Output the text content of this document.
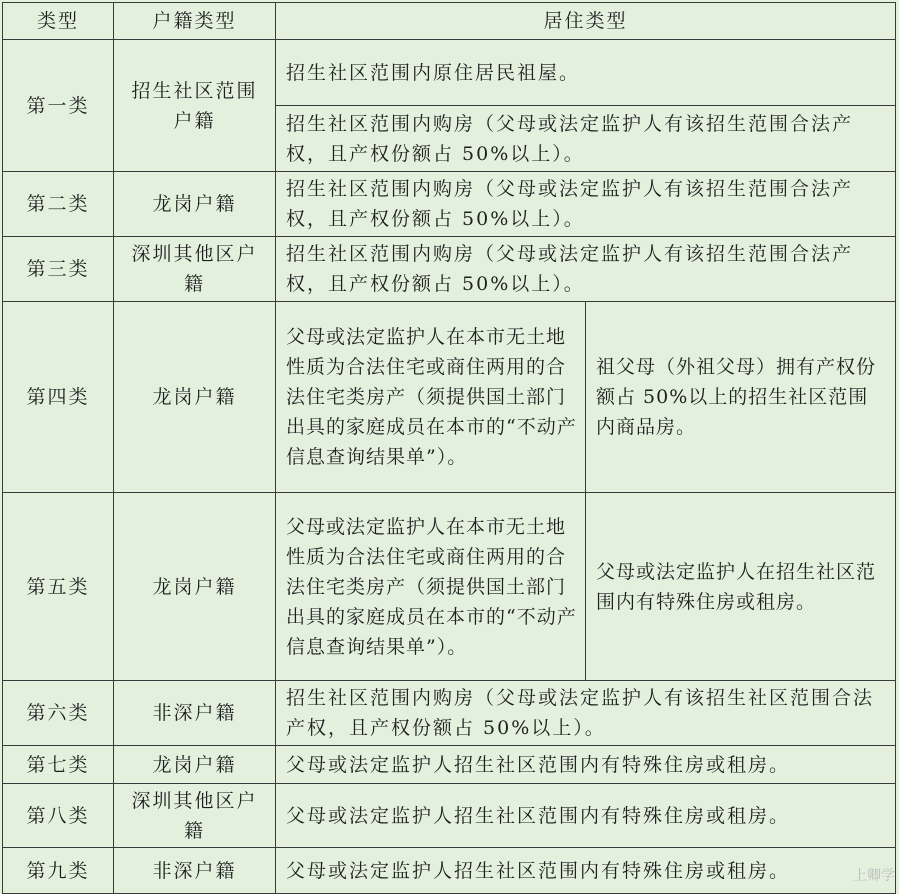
类型	户籍类型	居住类型	
第一类	招生社区范围户籍	招生社区范围内原住居民祖屋。	
		招生社区范围内购房（父母或法定监护人有该招生范围合法产权，且产权份额占 50%以上）。	
第二类	龙岗户籍	招生社区范围内购房（父母或法定监护人有该招生范围合法产权，且产权份额占 50%以上）。	
第三类	深圳其他区户籍	招生社区范围内购房（父母或法定监护人有该招生范围合法产权，且产权份额占 50%以上）。	
第四类	龙岗户籍	父母或法定监护人在本市无土地性质为合法住宅或商住两用的合法住宅类房产（须提供国土部门出具的家庭成员在本市的“不动产信息查询结果单”）。	祖父母（外祖父母）拥有产权份额占 50%以上的招生社区范围内商品房。
第五类	龙岗户籍	父母或法定监护人在本市无土地性质为合法住宅或商住两用的合法住宅类房产（须提供国土部门出具的家庭成员在本市的“不动产信息查询结果单”）。	父母或法定监护人在招生社区范围内有特殊住房或租房。
第六类	非深户籍	招生社区范围内购房（父母或法定监护人有该招生社区范围合法产权，且产权份额占 50%以上）。	
第七类	龙岗户籍	父母或法定监护人招生社区范围内有特殊住房或租房。	
第八类	深圳其他区户籍	父母或法定监护人招生社区范围内有特殊住房或租房。	
第九类	非深户籍	父母或法定监护人招生社区范围内有特殊住房或租房。		上卿学
